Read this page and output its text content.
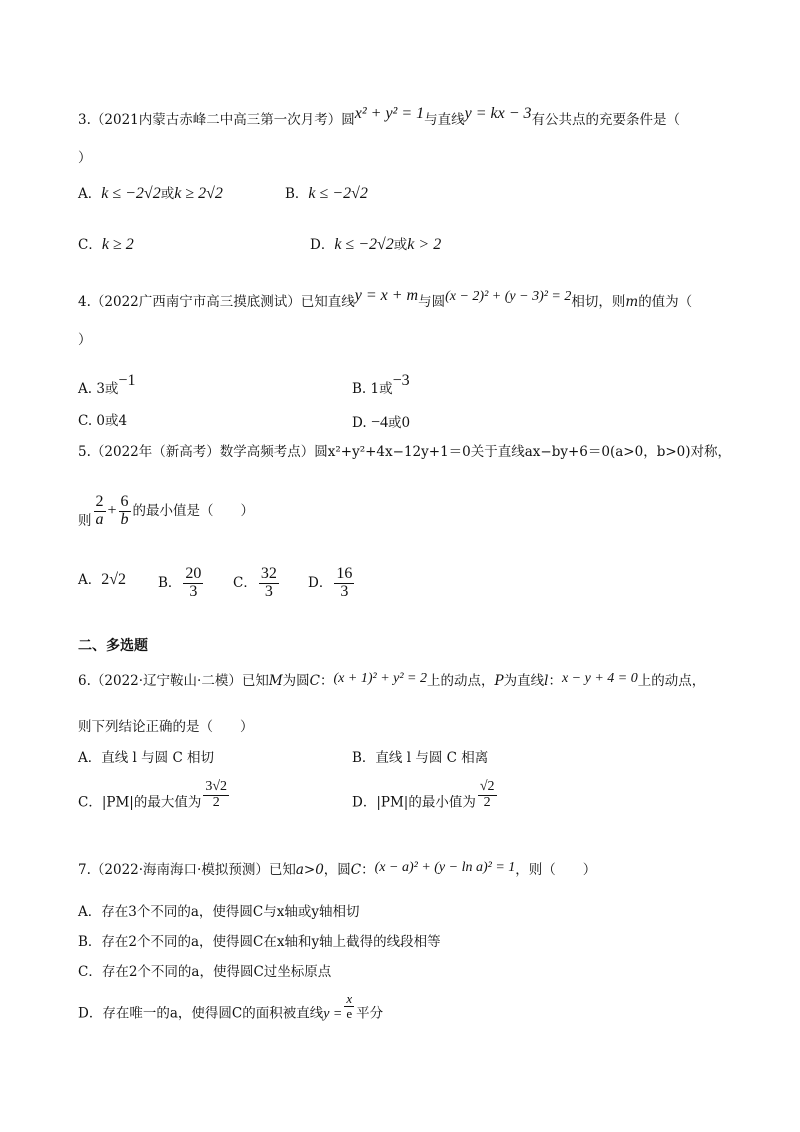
3.（2021内蒙古赤峰二中高三第一次月考）圆x² + y² = 1与直线y = kx − 3有公共点的充要条件是（
）
A．k ≤ −2√2或k ≥ 2√2	B．k ≤ −2√2
C．k ≥ 2	D．k ≤ −2√2或k > 2
4.（2022广西南宁市高三摸底测试）已知直线y = x + m与圆(x − 2)² + (y − 3)² = 2相切，则m的值为（
）
A. 3或−1	B. 1或−3
C. 0或4	D. −4或0
5.（2022年（新高考）数学高频考点）圆x²+y²+4x−12y+1＝0关于直线ax−by+6＝0(a>0，b>0)对称，
则 $\frac{2}{a} + \frac{6}{b}$ 的最小值是（　　）
A．2√2 B． $\frac{20}{3}$ C． $\frac{32}{3}$ D． $\frac{16}{3}$
二、多选题
6.（2022·辽宁鞍山·二模）已知M为圆C：(x + 1)² + y² = 2上的动点，P为直线l：x − y + 4 = 0上的动点，
则下列结论正确的是（　　）
A．直线 l 与圆 C 相切	B．直线 l 与圆 C 相离
C．|PM|的最大值为 $\frac{3√2}{2}$	D．|PM|的最小值为 $\frac{√2}{2}$
7.（2022·海南海口·模拟预测）已知a>0，圆C：(x − a)² + (y − ln a)² = 1，则（　　）
A．存在3个不同的a，使得圆C与x轴或y轴相切
B．存在2个不同的a，使得圆C在x轴和y轴上截得的线段相等
C．存在2个不同的a，使得圆C过坐标原点
D．存在唯一的a，使得圆C的面积被直线$y = \frac{x}{e}$ 平分
